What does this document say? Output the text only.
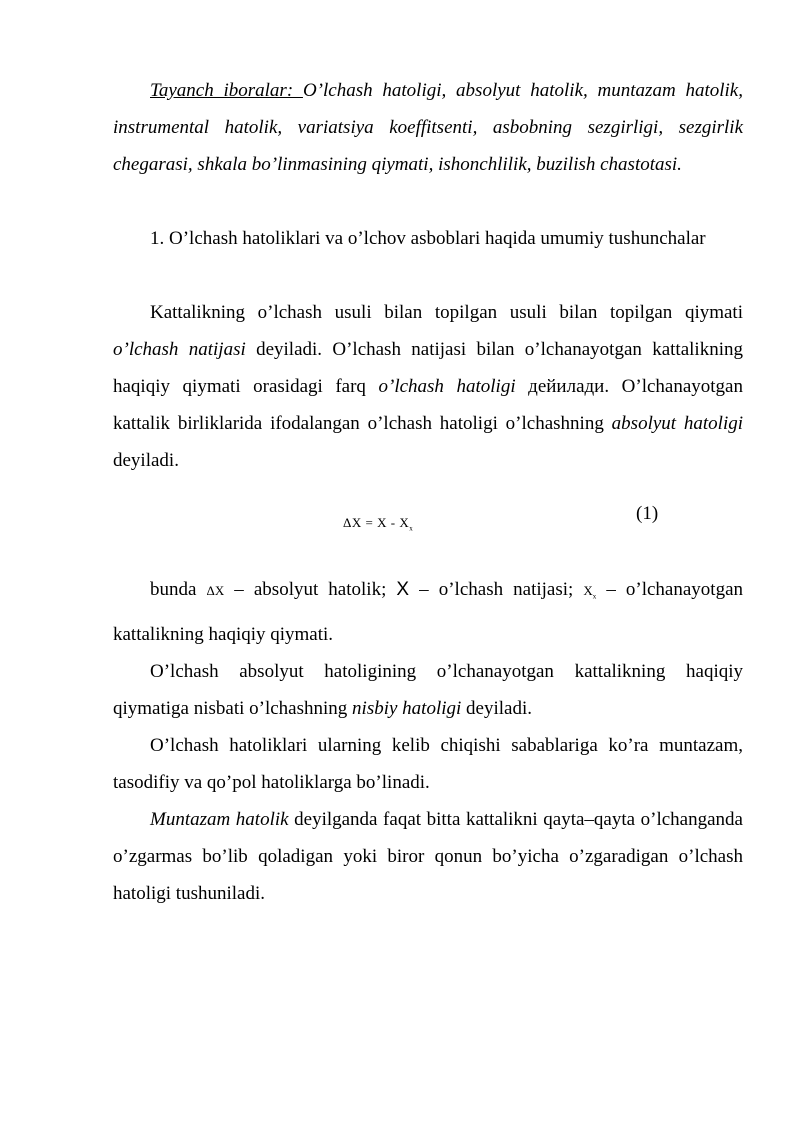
Tayanch iboralar: O’lchash hatoligi, absolyut hatolik, muntazam hatolik, instrumental hatolik, variatsiya koeffitsenti, asbobning sezgirligi, sezgirlik chegarasi, shkala bo’linmasining qiymati, ishonchlilik, buzilish chastotasi.

1. O’lchash hatoliklari va o’lchov asboblari haqida umumiy tushunchalar

Kattalikning o’lchash usuli bilan topilgan usuli bilan topilgan qiymati o’lchash natijasi deyiladi. O’lchash natijasi bilan o’lchanayotgan kattalikning haqiqiy qiymati orasidagi farq o’lchash hatoligi дейилади. O’lchanayotgan kattalik birliklarida ifodalangan o’lchash hatoligi o’lchashning absolyut hatoligi deyiladi.

$\Delta X = X - X_x$
(1)

bunda ΔX – absolyut hatolik; X – o’lchash natijasi; $X_x$ – o’lchanayotgan kattalikning haqiqiy qiymati.

O’lchash absolyut hatoligining o’lchanayotgan kattalikning haqiqiy qiymatiga nisbati o’lchashning nisbiy hatoligi deyiladi.

O’lchash hatoliklari ularning kelib chiqishi sabablariga ko’ra muntazam, tasodifiy va qo’pol hatoliklarga bo’linadi.

Muntazam hatolik deyilganda faqat bitta kattalikni qayta–qayta o’lchanganda o’zgarmas bo’lib qoladigan yoki biror qonun bo’yicha o’zgaradigan o’lchash hatoligi tushuniladi.
